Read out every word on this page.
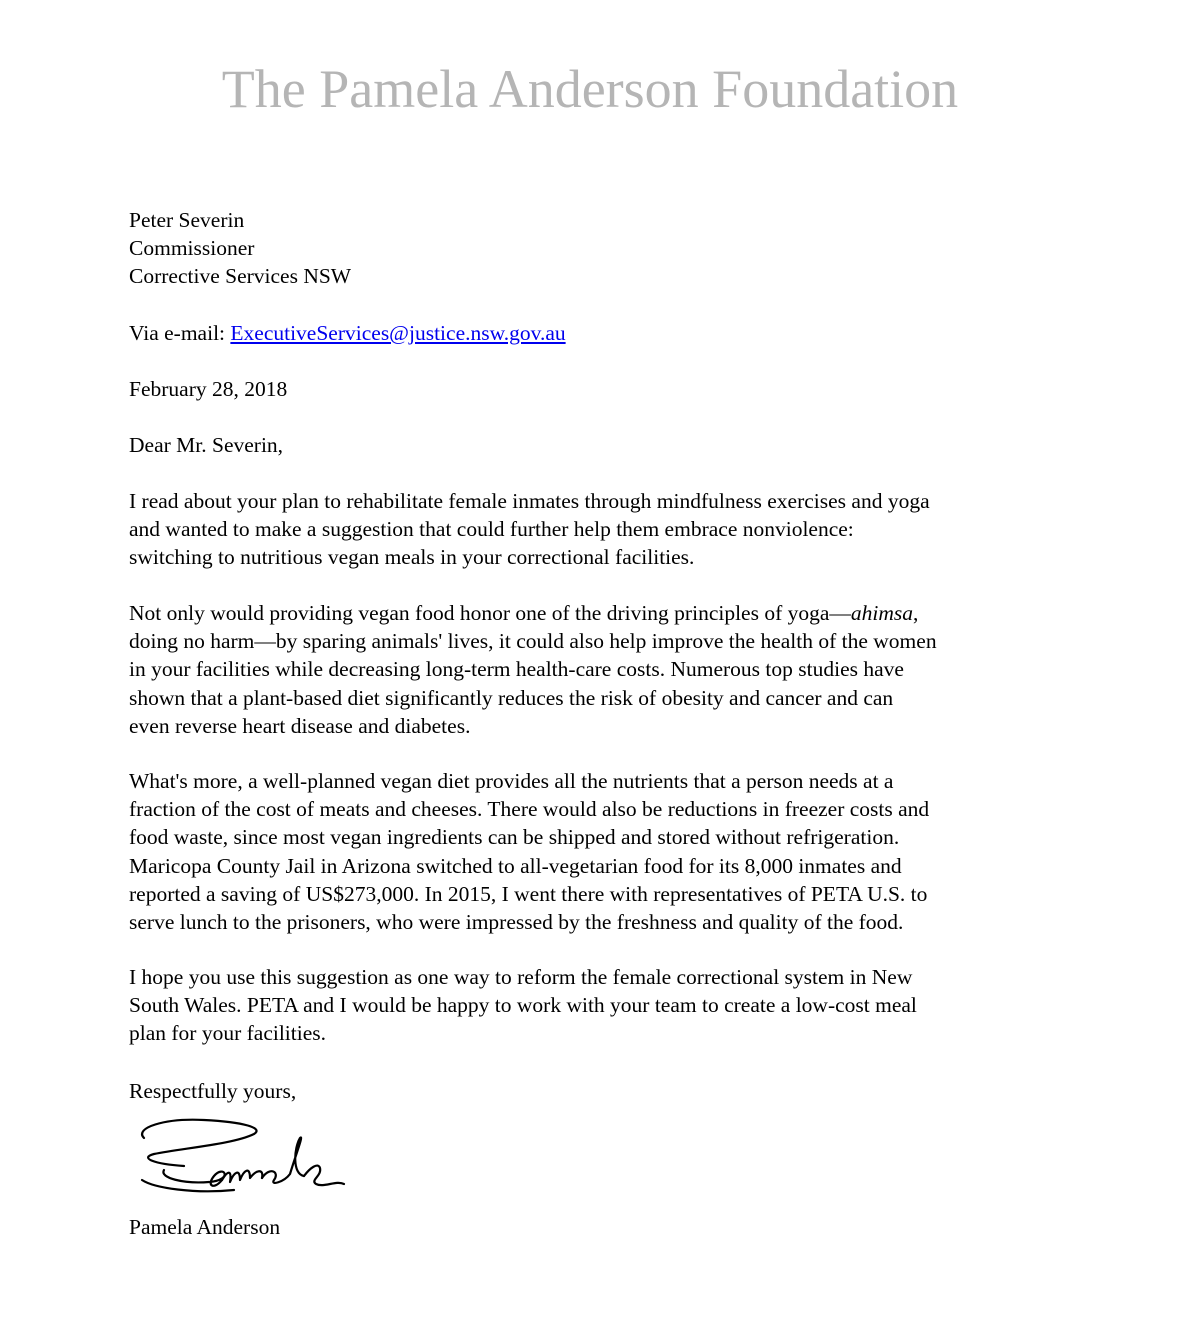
The Pamela Anderson Foundation
Peter Severin
Commissioner
Corrective Services NSW
Via e-mail: ExecutiveServices@justice.nsw.gov.au
February 28, 2018
Dear Mr. Severin,
I read about your plan to rehabilitate female inmates through mindfulness exercises and yoga
and wanted to make a suggestion that could further help them embrace nonviolence:
switching to nutritious vegan meals in your correctional facilities.
Not only would providing vegan food honor one of the driving principles of yoga—ahimsa,
doing no harm—by sparing animals' lives, it could also help improve the health of the women
in your facilities while decreasing long-term health-care costs. Numerous top studies have
shown that a plant-based diet significantly reduces the risk of obesity and cancer and can
even reverse heart disease and diabetes.
What's more, a well-planned vegan diet provides all the nutrients that a person needs at a
fraction of the cost of meats and cheeses. There would also be reductions in freezer costs and
food waste, since most vegan ingredients can be shipped and stored without refrigeration.
Maricopa County Jail in Arizona switched to all-vegetarian food for its 8,000 inmates and
reported a saving of US$273,000. In 2015, I went there with representatives of PETA U.S. to
serve lunch to the prisoners, who were impressed by the freshness and quality of the food.
I hope you use this suggestion as one way to reform the female correctional system in New
South Wales. PETA and I would be happy to work with your team to create a low-cost meal
plan for your facilities.
Respectfully yours,
Pamela Anderson
